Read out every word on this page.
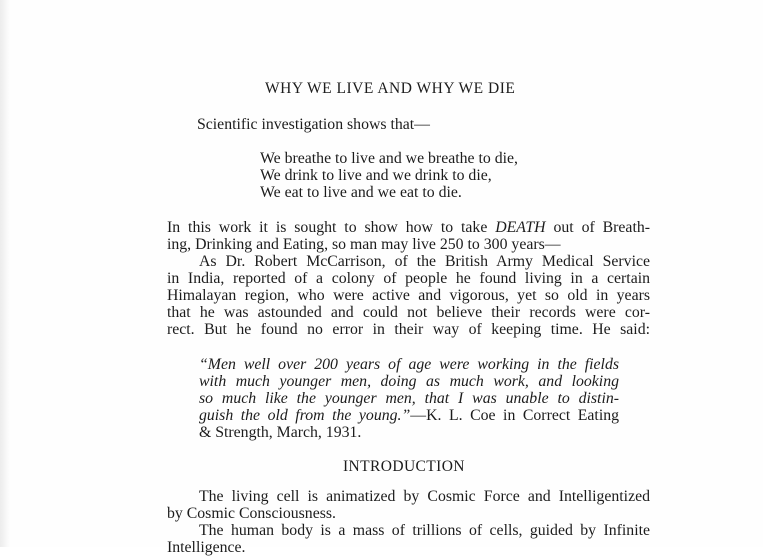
WHY WE LIVE AND WHY WE DIE
Scientific investigation shows that—
We breathe to live and we breathe to die,
We drink to live and we drink to die,
We eat to live and we eat to die.
In this work it is sought to show how to take DEATH out of Breath-
ing, Drinking and Eating, so man may live 250 to 300 years—
As Dr. Robert McCarrison, of the British Army Medical Service
in India, reported of a colony of people he found living in a certain
Himalayan region, who were active and vigorous, yet so old in years
that he was astounded and could not believe their records were cor-
rect. But he found no error in their way of keeping time. He said:
“Men well over 200 years of age were working in the fields
with much younger men, doing as much work, and looking
so much like the younger men, that I was unable to distin-
guish the old from the young.”—K. L. Coe in Correct Eating
& Strength, March, 1931.
INTRODUCTION
The living cell is animatized by Cosmic Force and Intelligentized
by Cosmic Consciousness.
The human body is a mass of trillions of cells, guided by Infinite
Intelligence.
